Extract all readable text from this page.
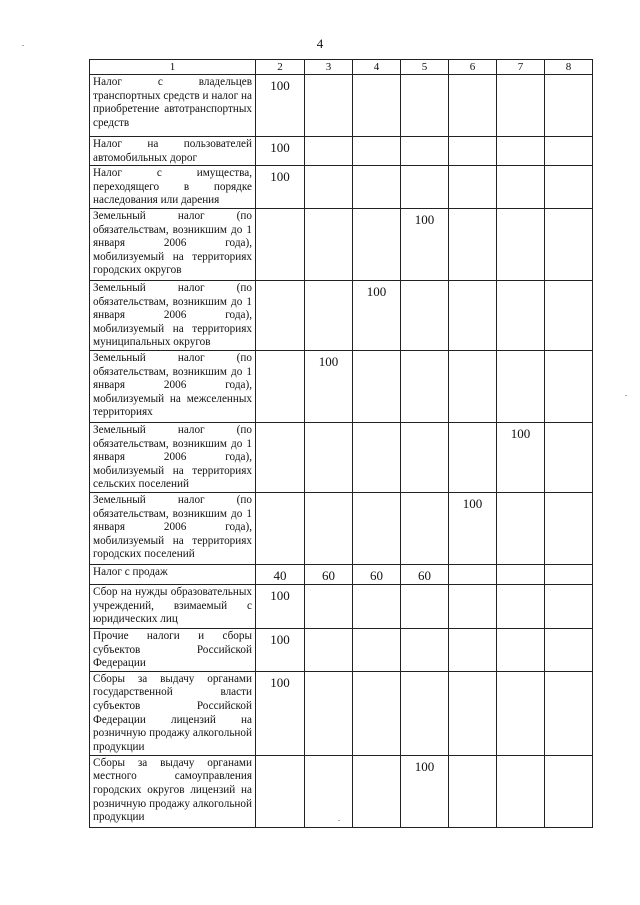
4
1	2	3	4	5	6	7	8
Налог с владельцев транспортных средств и налог на приобретение автотранспортных средств	100						
Налог на пользователей автомобильных дорог	100						
Налог с имущества, переходящего в порядке наследования или дарения	100						
Земельный налог (по обязательствам, возникшим до 1 января 2006 года), мобилизуемый на территориях городских округов				100			
Земельный налог (по обязательствам, возникшим до 1 января 2006 года), мобилизуемый на территориях муниципальных округов			100				
Земельный налог (по обязательствам, возникшим до 1 января 2006 года), мобилизуемый на межселенных территориях		100					
Земельный налог (по обязательствам, возникшим до 1 января 2006 года), мобилизуемый на территориях сельских поселений						100	
Земельный налог (по обязательствам, возникшим до 1 января 2006 года), мобилизуемый на территориях городских поселений					100		
Налог с продаж	40	60	60	60			
Сбор на нужды образовательных учреждений, взимаемый с юридических лиц	100						
Прочие налоги и сборы субъектов Российской Федерации	100						
Сборы за выдачу органами государственной власти субъектов Российской Федерации лицензий на розничную продажу алкогольной продукции	100						
Сборы за выдачу органами местного самоуправления городских округов лицензий на розничную продажу алкогольной продукции				100			
